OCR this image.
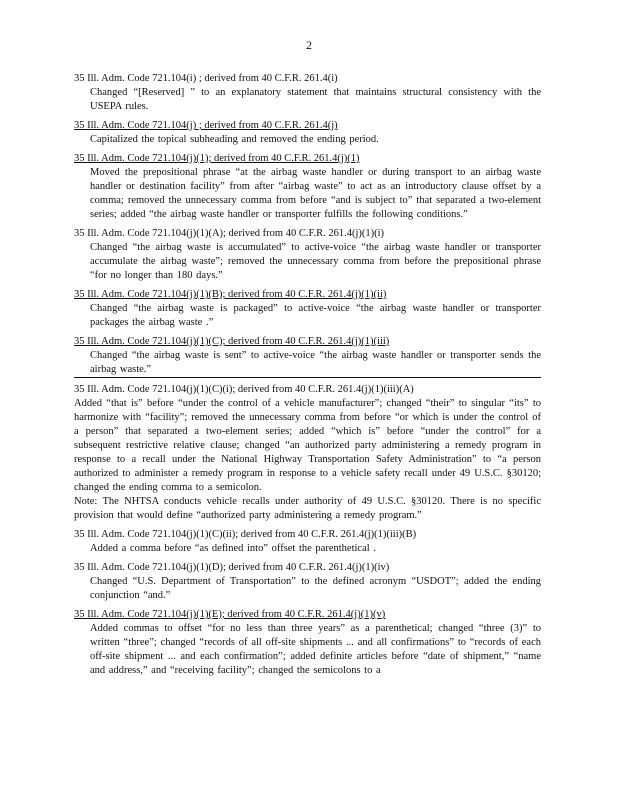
2
35 Ill. Adm. Code 721.104(i) ; derived from 40 C.F.R. 261.4(i)
Changed “[Reserved] ” to an explanatory statement that maintains structural consistency with the USEPA rules.
35 Ill. Adm. Code 721.104(j) ; derived from 40 C.F.R. 261.4(j)
Capitalized the topical subheading and removed the ending period.
35 Ill. Adm. Code 721.104(j)(1); derived from 40 C.F.R. 261.4(j)(1)
Moved the prepositional phrase “at the airbag waste handler or during transport to an airbag waste handler or destination facility” from after “airbag waste” to act as an introductory clause offset by a comma; removed the unnecessary comma from before “and is subject to” that separated a two-element series; added “the airbag waste handler or transporter fulfills the following conditions.”
35 Ill. Adm. Code 721.104(j)(1)(A); derived from 40 C.F.R. 261.4(j)(1)(i)
Changed “the airbag waste is accumulated” to active-voice “the airbag waste handler or transporter accumulate the airbag waste”; removed the unnecessary comma from before the prepositional phrase “for no longer than 180 days.”
35 Ill. Adm. Code 721.104(j)(1)(B); derived from 40 C.F.R. 261.4(j)(1)(ii)
Changed “the airbag waste is packaged” to active-voice “the airbag waste handler or transporter packages the airbag waste .”
35 Ill. Adm. Code 721.104(j)(1)(C); derived from 40 C.F.R. 261.4(j)(1)(iii)
Changed “the airbag waste is sent” to active-voice “the airbag waste handler or transporter sends the airbag waste.”
35 Ill. Adm. Code 721.104(j)(1)(C)(i); derived from 40 C.F.R. 261.4(j)(1)(iii)(A)
Added “that is” before “under the control of a vehicle manufacturer”; changed “their” to singular “its” to harmonize with “facility”; removed the unnecessary comma from before “or which is under the control of a person” that separated a two-element series; added “which is” before “under the control” for a subsequent restrictive relative clause; changed “an authorized party administering a remedy program in response to a recall under the National Highway Transportation Safety Administration” to “a person authorized to administer a remedy program in response to a vehicle safety recall under 49 U.S.C. §30120; changed the ending comma to a semicolon.
Note: The NHTSA conducts vehicle recalls under authority of 49 U.S.C. §30120. There is no specific provision that would define “authorized party administering a remedy program.”
35 Ill. Adm. Code 721.104(j)(1)(C)(ii); derived from 40 C.F.R. 261.4(j)(1)(iii)(B)
Added a comma before “as defined into” offset the parenthetical .
35 Ill. Adm. Code 721.104(j)(1)(D); derived from 40 C.F.R. 261.4(j)(1)(iv)
Changed “U.S. Department of Transportation” to the defined acronym “USDOT”; added the ending conjunction “and.”
35 Ill. Adm. Code 721.104(j)(1)(E); derived from 40 C.F.R. 261.4(j)(1)(v)
Added commas to offset “for no less than three years” as a parenthetical; changed “three (3)” to written “three”; changed “records of all off-site shipments ... and all confirmations” to “records of each off-site shipment ... and each confirmation”; added definite articles before “date of shipment,” “name and address,” and “receiving facility”; changed the semicolons to a
